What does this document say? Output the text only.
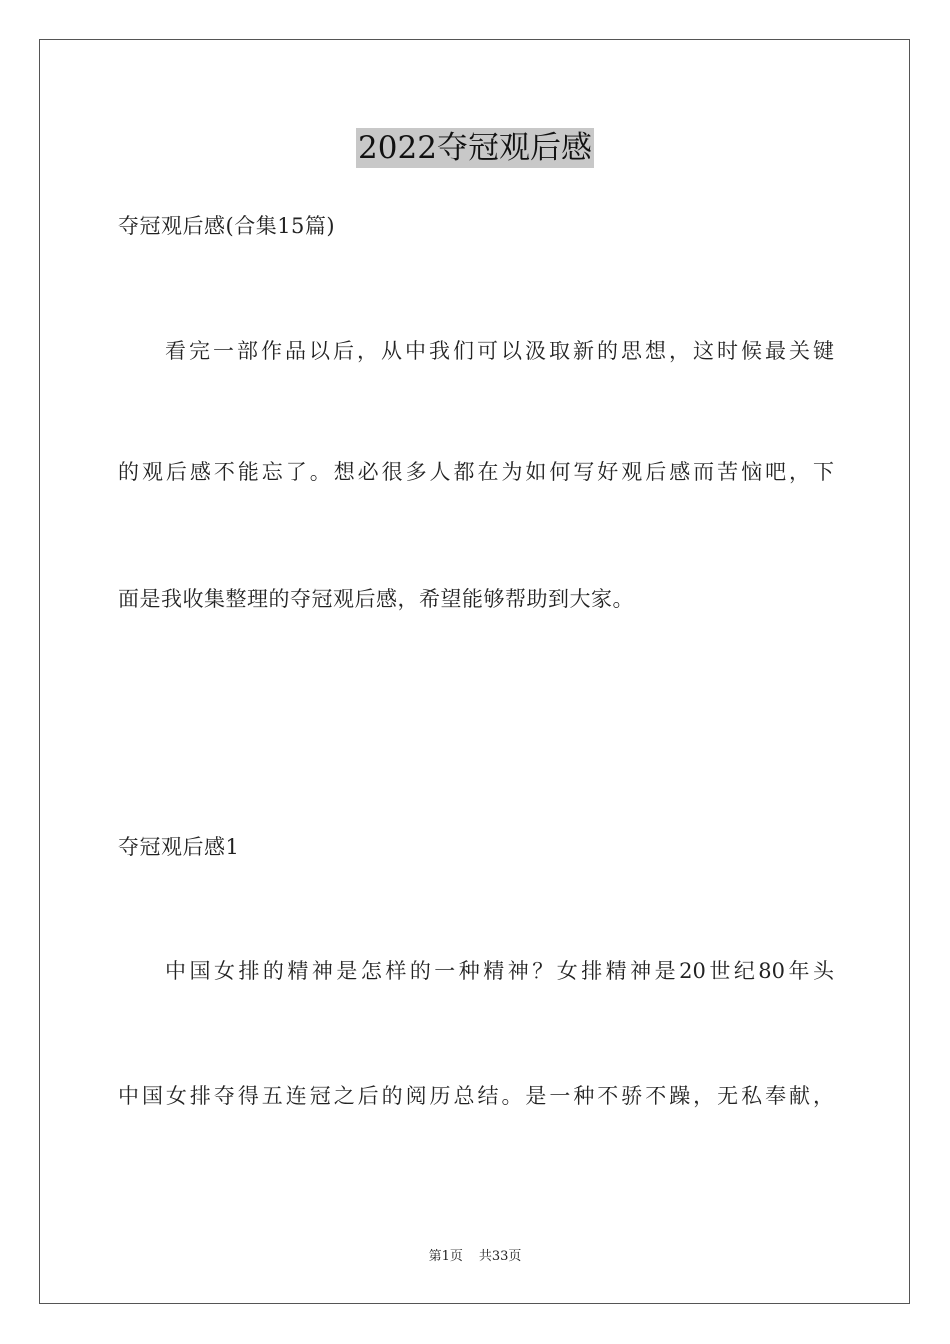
2022夺冠观后感
夺冠观后感(合集15篇)
看完一部作品以后，从中我们可以汲取新的思想，这时候最关键
的观后感不能忘了。想必很多人都在为如何写好观后感而苦恼吧，下
面是我收集整理的夺冠观后感，希望能够帮助到大家。
夺冠观后感1
中国女排的精神是怎样的一种精神？女排精神是20世纪80年头
中国女排夺得五连冠之后的阅历总结。是一种不骄不躁，无私奉献，
第1页 共33页
